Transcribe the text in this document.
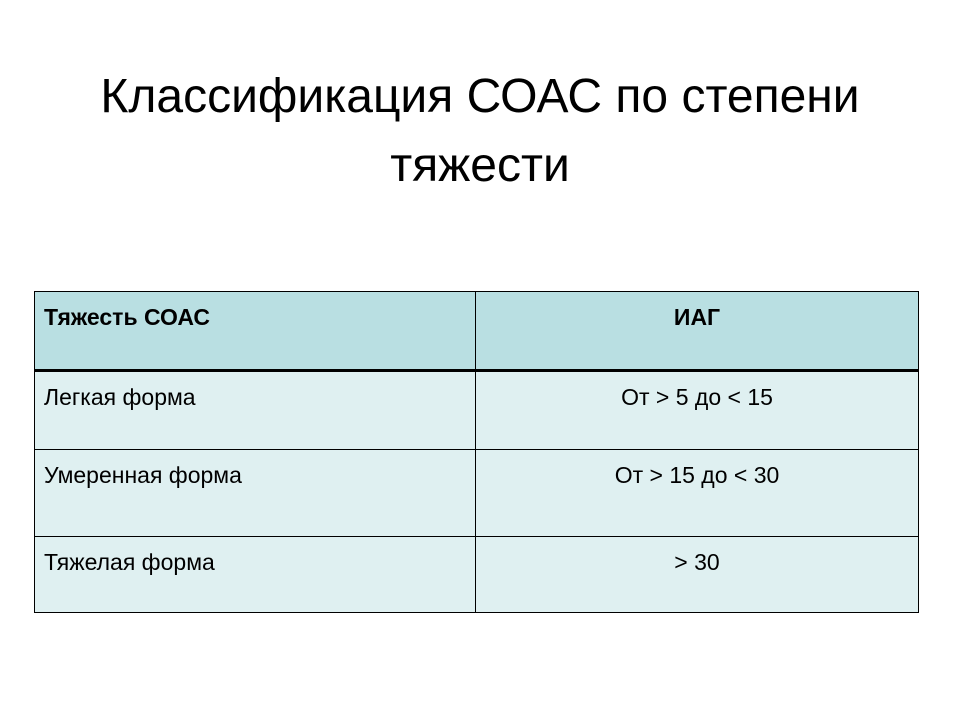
Классификация СОАС по степени тяжести
Тяжесть СОАС	ИАГ
Легкая форма	От > 5 до < 15
Умеренная форма	От > 15 до < 30
Тяжелая форма	> 30
